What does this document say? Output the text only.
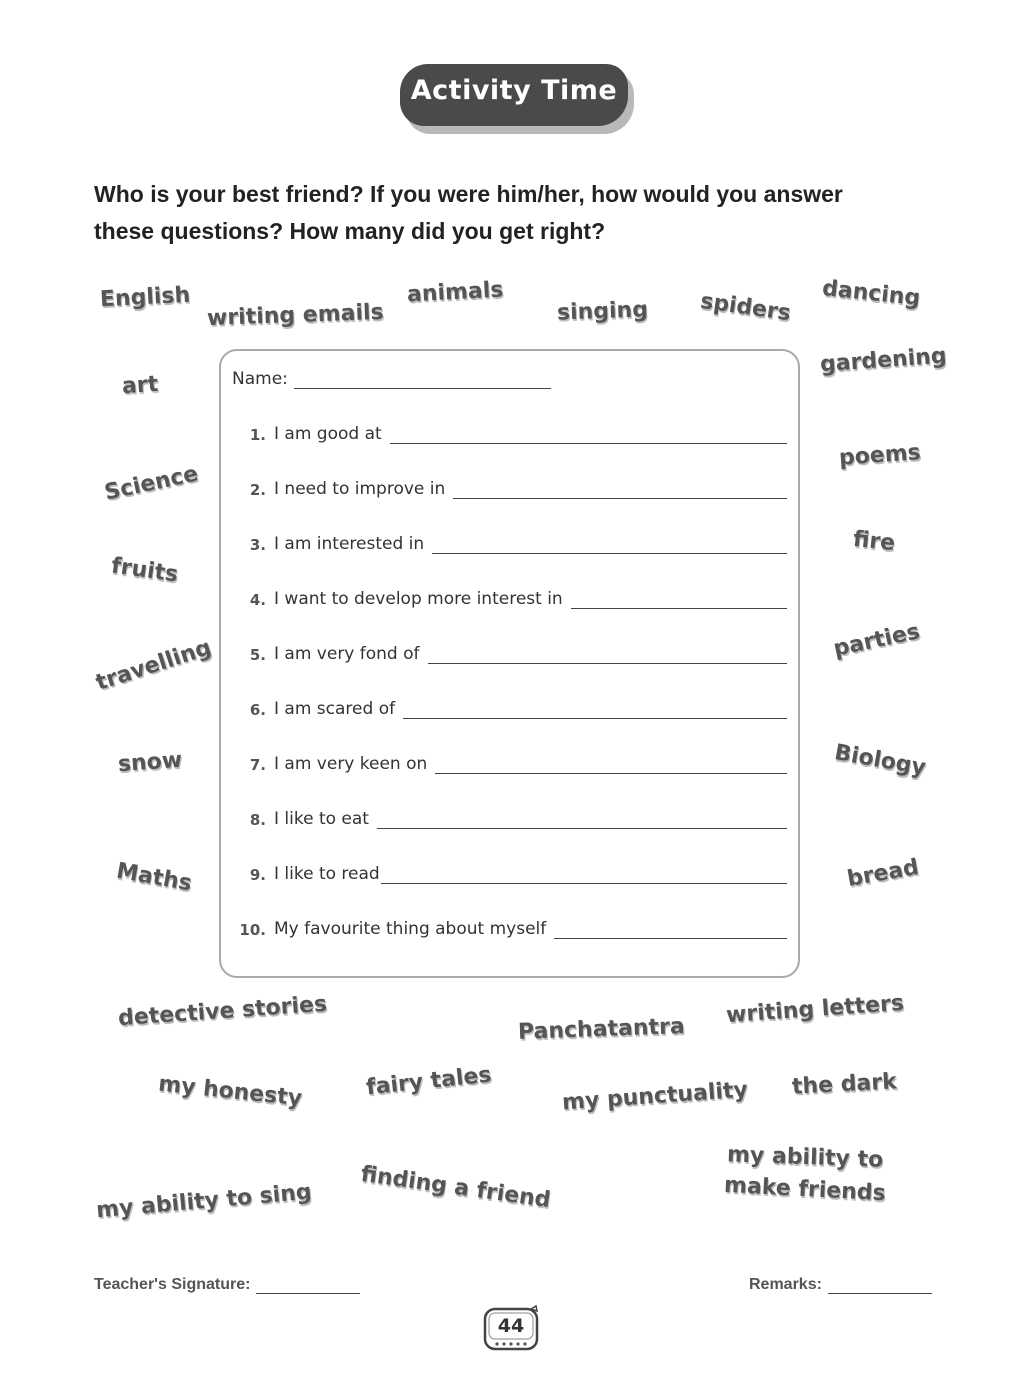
Activity Time
Who is your best friend? If you were him/her, how would you answer
these questions? How many did you get right?
English
writing emails
animals
singing spiders dancing
art
gardening
Science
poems
fruits
fire
travelling	parties
snow	Biology
Maths	bread
detective stories	Panchatantra
writing letters
my honesty	fairy tales	my punctuality the dark
my ability to sing finding a friend
my ability to
make friends
Name:
1. I am good at
2. I need to improve in
3. I am interested in
4. I want to develop more interest in
5. I am very fond of
6. I am scared of
7. I am very keen on
8. I like to eat
9. I like to read
10. My favourite thing about myself
Teacher's Signature:	Remarks:
44
